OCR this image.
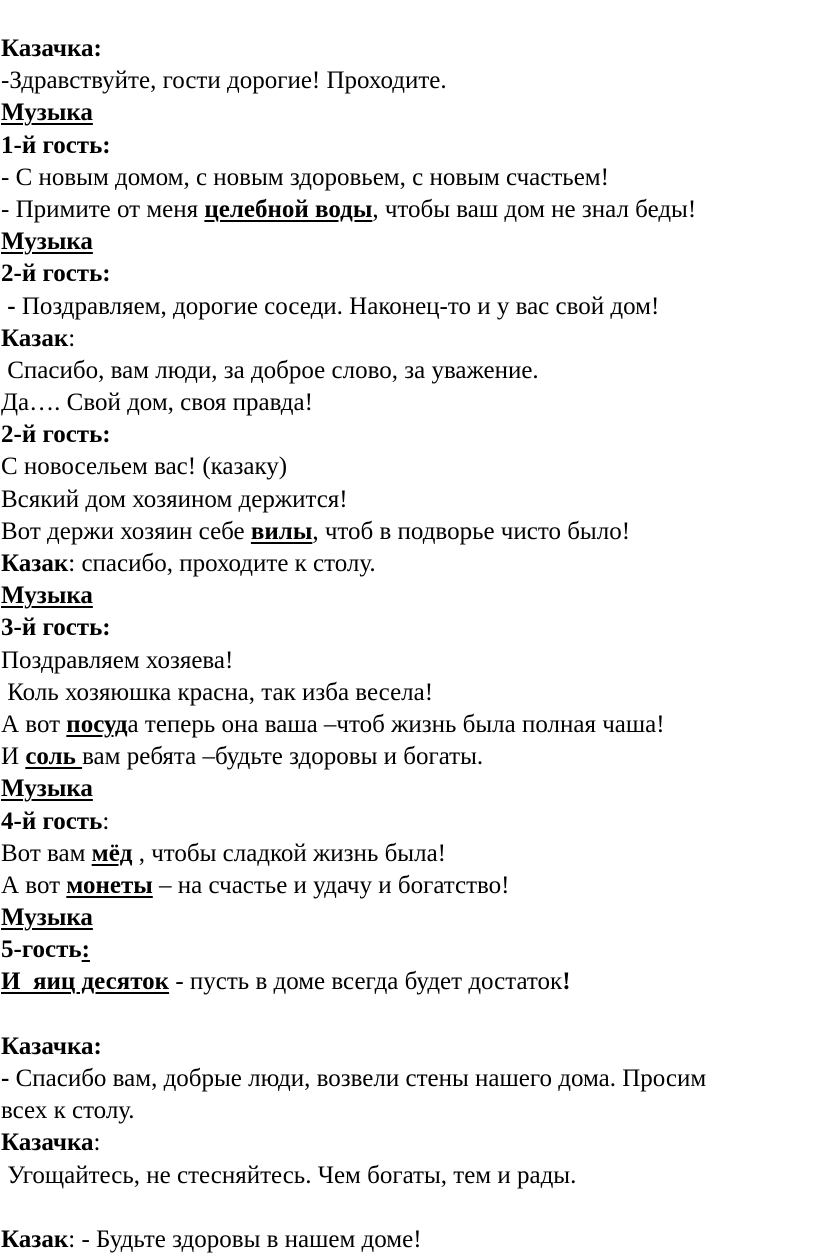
Казачка:

-Здравствуйте, гости дорогие! Проходите.

Музыка

1-й гость:

- С новым домом, с новым здоровьем, с новым счастьем!

- Примите от меня целебной воды, чтобы ваш дом не знал беды!

Музыка

2-й гость:

- Поздравляем, дорогие соседи. Наконец-то и у вас свой дом!

Казак:

Спасибо, вам люди, за доброе слово, за уважение.

Да…. Свой дом, своя правда!

2-й гость:

С новосельем вас! (казаку)

Всякий дом хозяином держится!

Вот держи хозяин себе вилы, чтоб в подворье чисто было!

Казак: спасибо, проходите к столу.

Музыка

3-й гость:

Поздравляем хозяева!

Коль хозяюшка красна, так изба весела!

А вот посуда теперь она ваша –чтоб жизнь была полная чаша!

И соль вам ребята –будьте здоровы и богаты.

Музыка

4-й гость:

Вот вам мёд , чтобы сладкой жизнь была!

А вот монеты – на счастье и удачу и богатство!

Музыка

5-гость:

И  яиц десяток - пусть в доме всегда будет достаток!

Казачка:

- Спасибо вам, добрые люди, возвели стены нашего дома. Просим

всех к столу.

Казачка:

Угощайтесь, не стесняйтесь. Чем богаты, тем и рады.

Казак: - Будьте здоровы в нашем доме!
